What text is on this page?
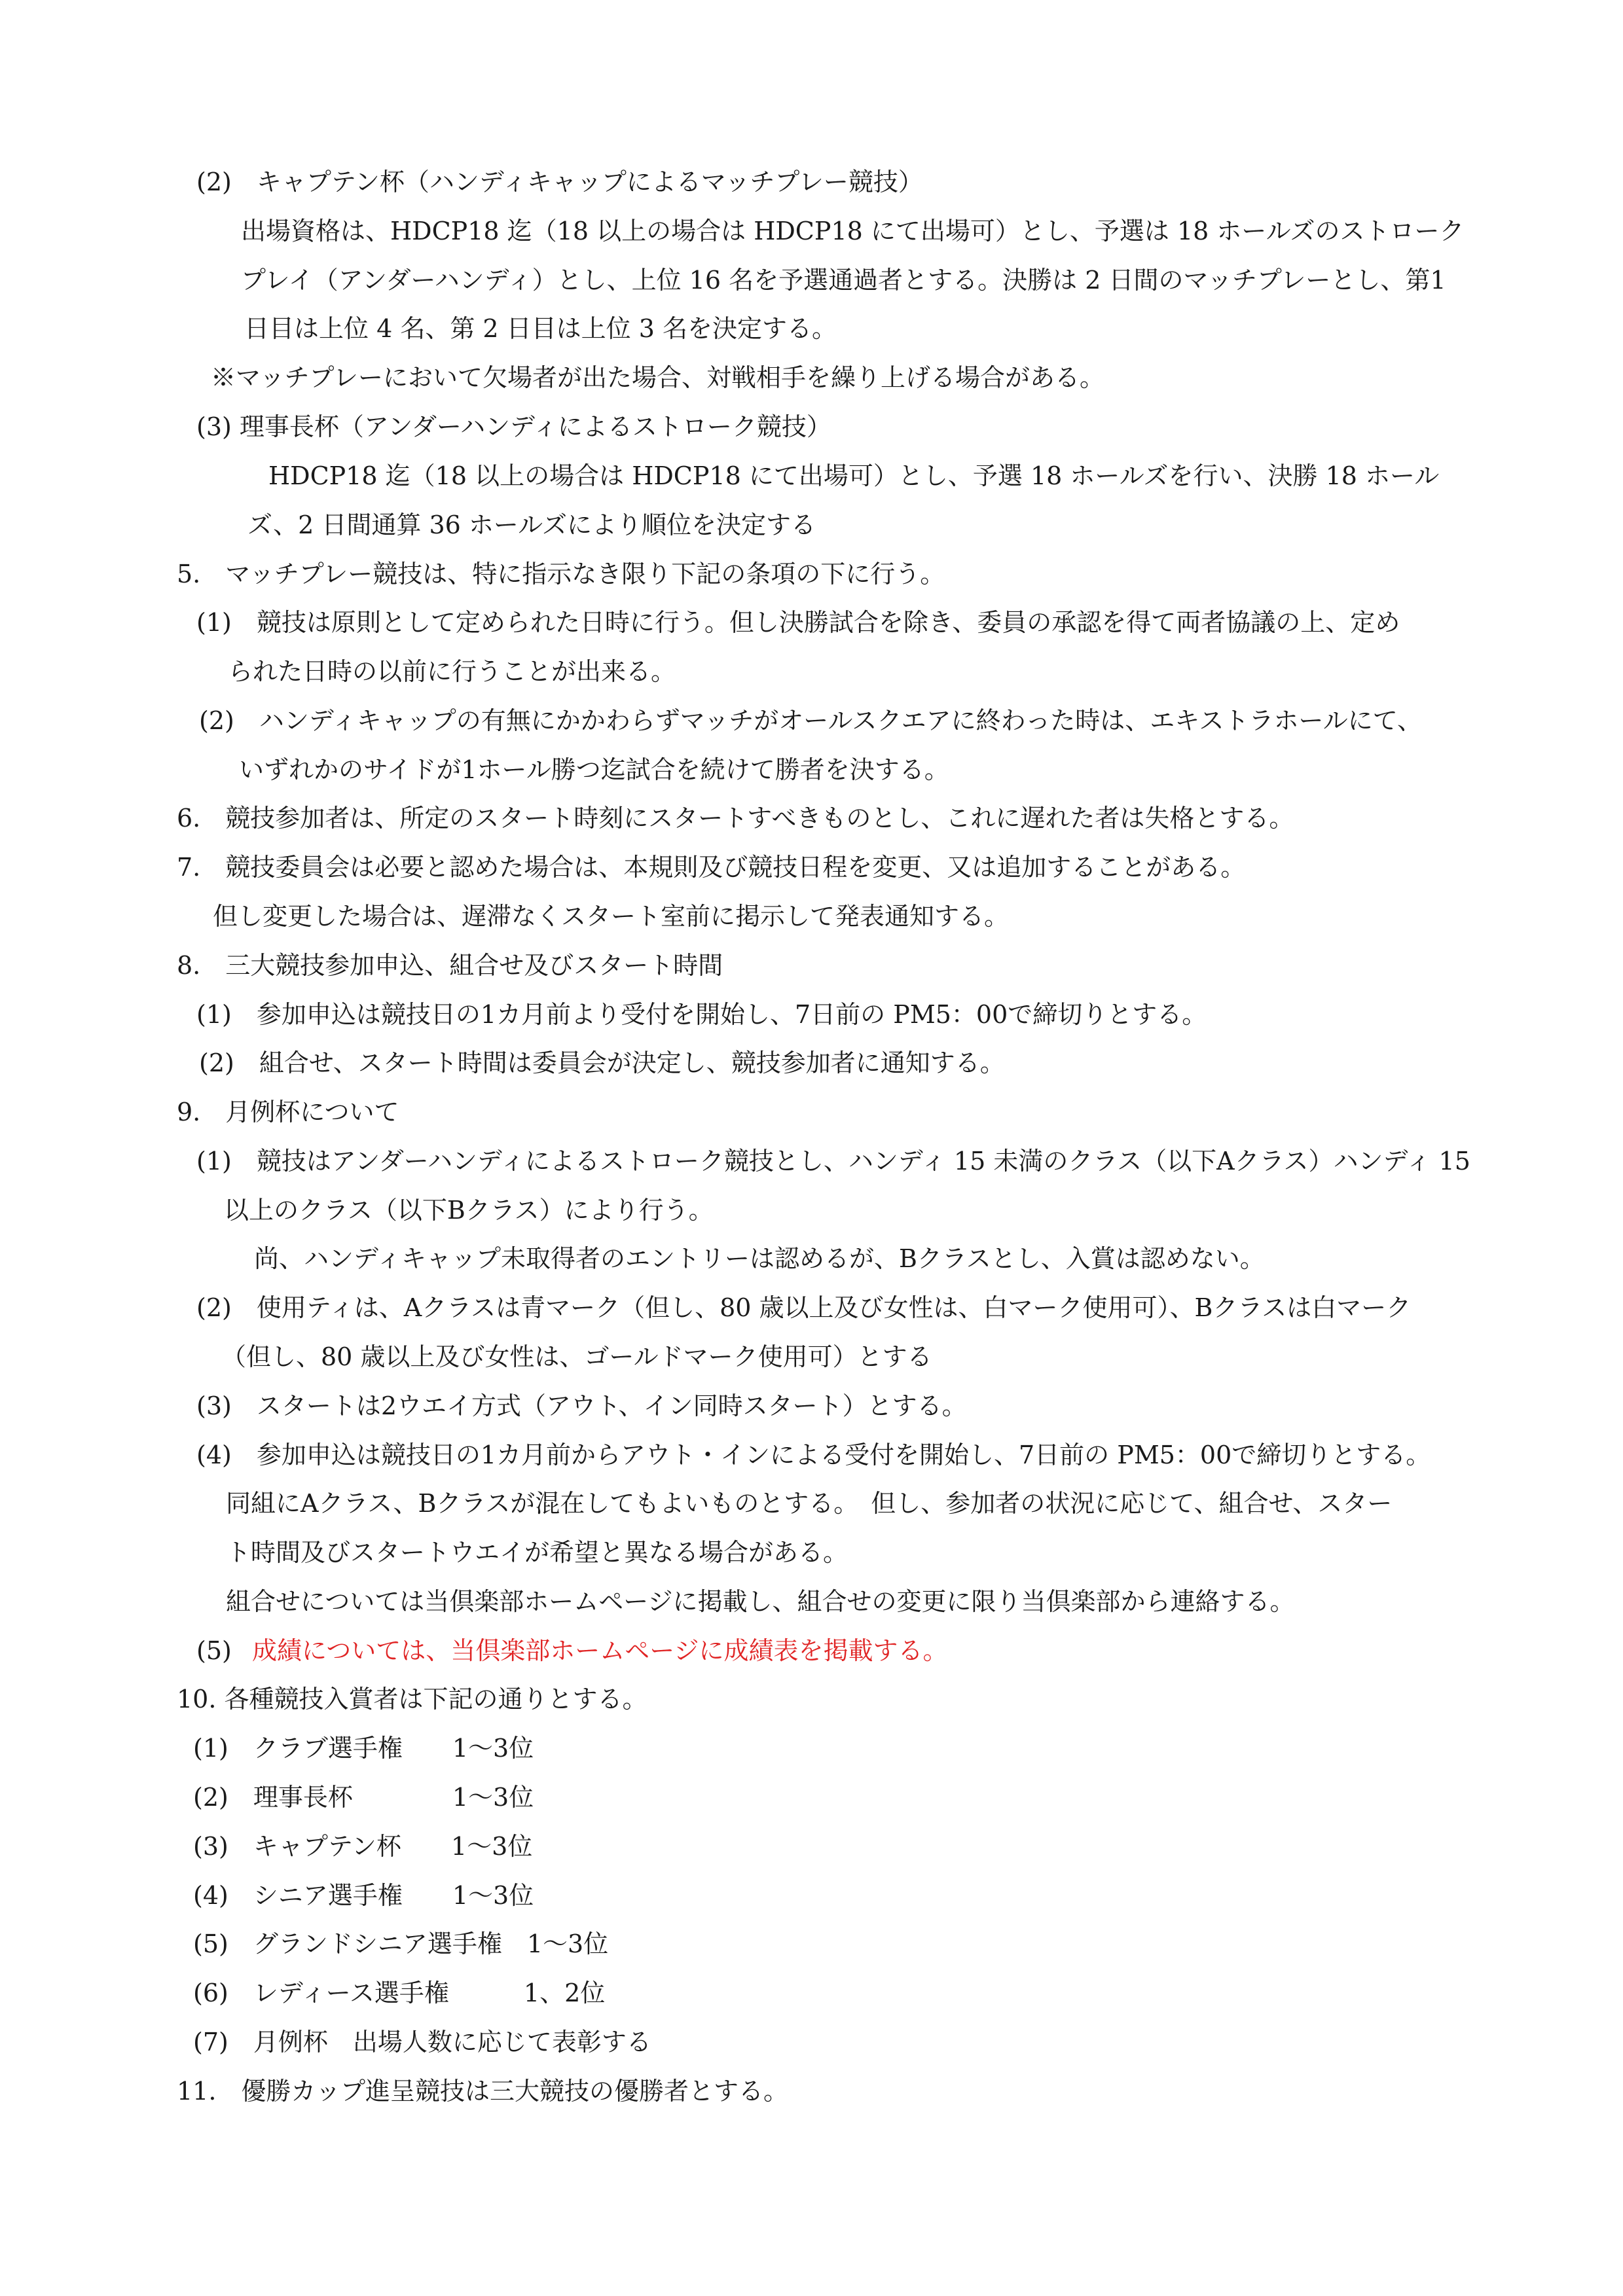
(2)　キャプテン杯（ハンディキャップによるマッチプレー競技）
出場資格は、HDCP18 迄（18 以上の場合は HDCP18 にて出場可）とし、予選は 18 ホールズのストローク
プレイ（アンダーハンディ）とし、上位 16 名を予選通過者とする。決勝は 2 日間のマッチプレーとし、第1
日目は上位 4 名、第 2 日目は上位 3 名を決定する。
※マッチプレーにおいて欠場者が出た場合、対戦相手を繰り上げる場合がある。
(3) 理事長杯（アンダーハンディによるストローク競技）
HDCP18 迄（18 以上の場合は HDCP18 にて出場可）とし、予選 18 ホールズを行い、決勝 18 ホール
ズ、2 日間通算 36 ホールズにより順位を決定する
5.　マッチプレー競技は、特に指示なき限り下記の条項の下に行う。
(1)　競技は原則として定められた日時に行う。但し決勝試合を除き、委員の承認を得て両者協議の上、定め
られた日時の以前に行うことが出来る。
(2)　ハンディキャップの有無にかかわらずマッチがオールスクエアに終わった時は、エキストラホールにて、
いずれかのサイドが1ホール勝つ迄試合を続けて勝者を決する。
6.　競技参加者は、所定のスタート時刻にスタートすべきものとし、これに遅れた者は失格とする。
7.　競技委員会は必要と認めた場合は、本規則及び競技日程を変更、又は追加することがある。
但し変更した場合は、遅滞なくスタート室前に掲示して発表通知する。
8.　三大競技参加申込、組合せ及びスタート時間
(1)　参加申込は競技日の1カ月前より受付を開始し、7日前の PM5：00で締切りとする。
(2)　組合せ、スタート時間は委員会が決定し、競技参加者に通知する。
9.　月例杯について
(1)　競技はアンダーハンディによるストローク競技とし、ハンディ 15 未満のクラス（以下Aクラス）ハンディ 15
以上のクラス（以下Bクラス）により行う。
尚、ハンディキャップ未取得者のエントリーは認めるが、Bクラスとし、入賞は認めない。
(2)　使用ティは、Aクラスは青マーク（但し、80 歳以上及び女性は、白マーク使用可）、Bクラスは白マーク
（但し、80 歳以上及び女性は、ゴールドマーク使用可）とする
(3)　スタートは2ウエイ方式（アウト、イン同時スタート）とする。
(4)　参加申込は競技日の1カ月前からアウト・インによる受付を開始し、7日前の PM5：00で締切りとする。
同組にAクラス、Bクラスが混在してもよいものとする。　但し、参加者の状況に応じて、組合せ、スター
ト時間及びスタートウエイが希望と異なる場合がある。
組合せについては当倶楽部ホームページに掲載し、組合せの変更に限り当倶楽部から連絡する。
(5) 成績については、当倶楽部ホームページに成績表を掲載する。
10. 各種競技入賞者は下記の通りとする。
(1)　クラブ選手権　　1～3位
(2)　理事長杯　　　　1～3位
(3)　キャプテン杯　　1～3位
(4)　シニア選手権　　1～3位
(5)　グランドシニア選手権　1～3位
(6)　レディース選手権　　　1、2位
(7)　月例杯　出場人数に応じて表彰する
11.　優勝カップ進呈競技は三大競技の優勝者とする。
